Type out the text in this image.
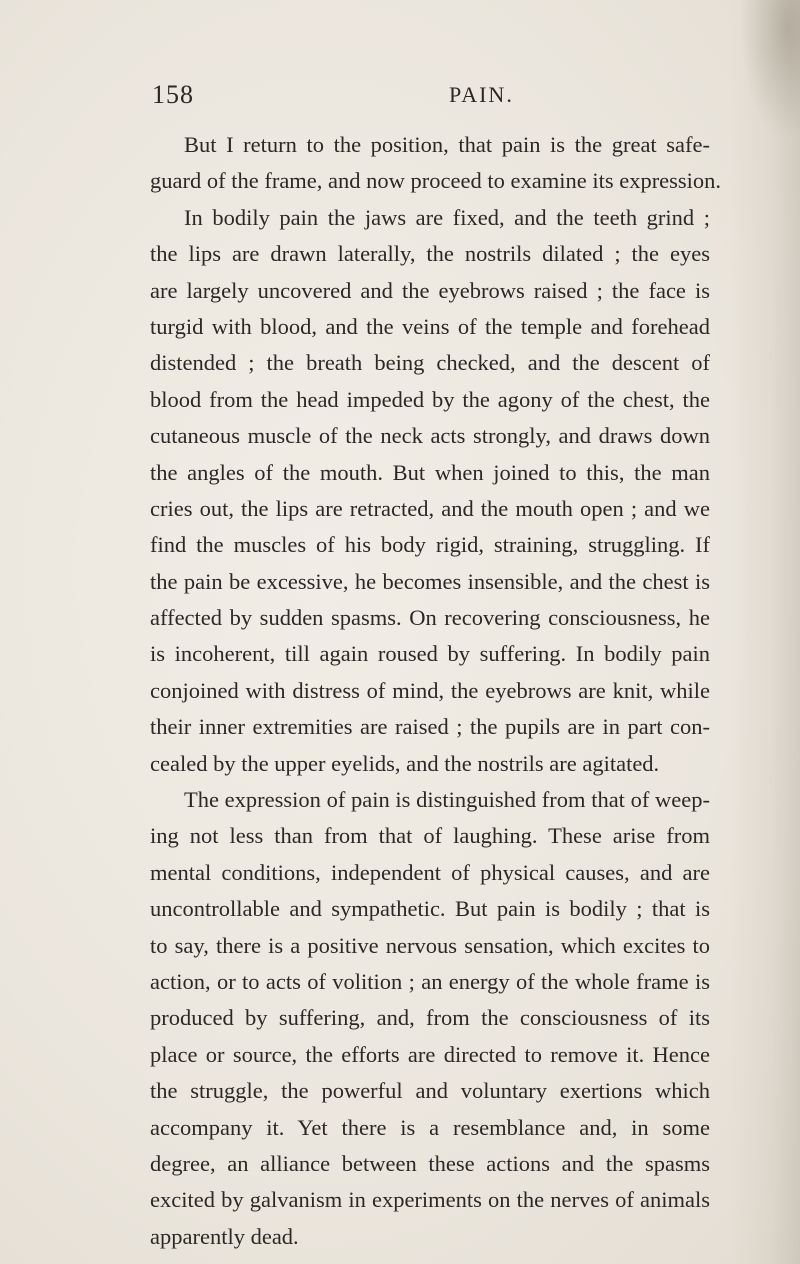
158	PAIN.

But I return to the position, that pain is the great safe-
guard of the frame, and now proceed to examine its expression.

In bodily pain the jaws are fixed, and the teeth grind ;
the lips are drawn laterally, the nostrils dilated ; the eyes
are largely uncovered and the eyebrows raised ; the face is
turgid with blood, and the veins of the temple and forehead
distended ; the breath being checked, and the descent of
blood from the head impeded by the agony of the chest, the
cutaneous muscle of the neck acts strongly, and draws down
the angles of the mouth. But when joined to this, the man
cries out, the lips are retracted, and the mouth open ; and we
find the muscles of his body rigid, straining, struggling. If
the pain be excessive, he becomes insensible, and the chest is
affected by sudden spasms. On recovering consciousness, he
is incoherent, till again roused by suffering. In bodily pain
conjoined with distress of mind, the eyebrows are knit, while
their inner extremities are raised ; the pupils are in part con-
cealed by the upper eyelids, and the nostrils are agitated.

The expression of pain is distinguished from that of weep-
ing not less than from that of laughing. These arise from
mental conditions, independent of physical causes, and are
uncontrollable and sympathetic. But pain is bodily ; that is
to say, there is a positive nervous sensation, which excites to
action, or to acts of volition ; an energy of the whole frame is
produced by suffering, and, from the consciousness of its
place or source, the efforts are directed to remove it. Hence
the struggle, the powerful and voluntary exertions which
accompany it. Yet there is a resemblance and, in some
degree, an alliance between these actions and the spasms
excited by galvanism in experiments on the nerves of animals
apparently dead.
